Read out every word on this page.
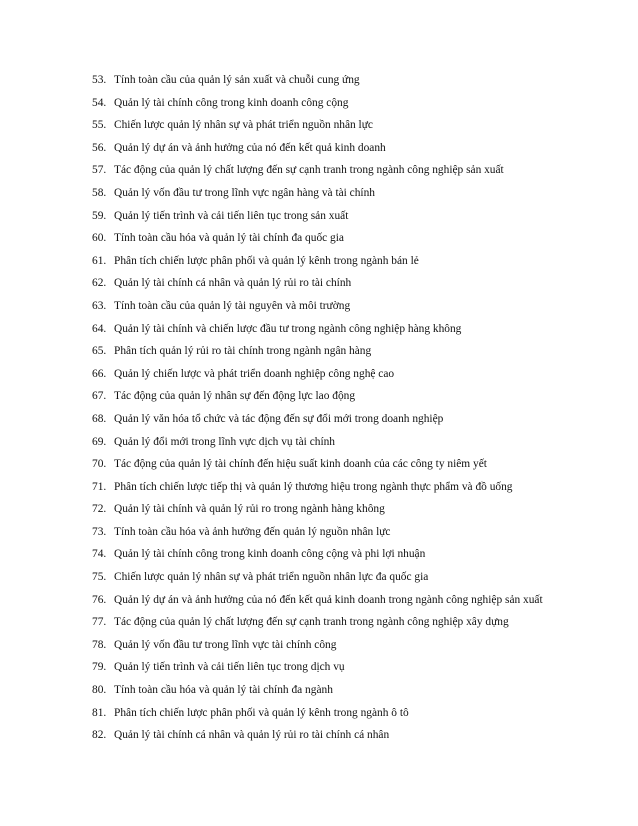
53. Tính toàn cầu của quản lý sản xuất và chuỗi cung ứng
54. Quản lý tài chính công trong kinh doanh công cộng
55. Chiến lược quản lý nhân sự và phát triển nguồn nhân lực
56. Quản lý dự án và ảnh hưởng của nó đến kết quả kinh doanh
57. Tác động của quản lý chất lượng đến sự cạnh tranh trong ngành công nghiệp sản xuất
58. Quản lý vốn đầu tư trong lĩnh vực ngân hàng và tài chính
59. Quản lý tiến trình và cải tiến liên tục trong sản xuất
60. Tính toàn cầu hóa và quản lý tài chính đa quốc gia
61. Phân tích chiến lược phân phối và quản lý kênh trong ngành bán lẻ
62. Quản lý tài chính cá nhân và quản lý rủi ro tài chính
63. Tính toàn cầu của quản lý tài nguyên và môi trường
64. Quản lý tài chính và chiến lược đầu tư trong ngành công nghiệp hàng không
65. Phân tích quản lý rủi ro tài chính trong ngành ngân hàng
66. Quản lý chiến lược và phát triển doanh nghiệp công nghệ cao
67. Tác động của quản lý nhân sự đến động lực lao động
68. Quản lý văn hóa tổ chức và tác động đến sự đổi mới trong doanh nghiệp
69. Quản lý đổi mới trong lĩnh vực dịch vụ tài chính
70. Tác động của quản lý tài chính đến hiệu suất kinh doanh của các công ty niêm yết
71. Phân tích chiến lược tiếp thị và quản lý thương hiệu trong ngành thực phẩm và đồ uống
72. Quản lý tài chính và quản lý rủi ro trong ngành hàng không
73. Tính toàn cầu hóa và ảnh hưởng đến quản lý nguồn nhân lực
74. Quản lý tài chính công trong kinh doanh công cộng và phi lợi nhuận
75. Chiến lược quản lý nhân sự và phát triển nguồn nhân lực đa quốc gia
76. Quản lý dự án và ảnh hưởng của nó đến kết quả kinh doanh trong ngành công nghiệp sản xuất
77. Tác động của quản lý chất lượng đến sự cạnh tranh trong ngành công nghiệp xây dựng
78. Quản lý vốn đầu tư trong lĩnh vực tài chính công
79. Quản lý tiến trình và cải tiến liên tục trong dịch vụ
80. Tính toàn cầu hóa và quản lý tài chính đa ngành
81. Phân tích chiến lược phân phối và quản lý kênh trong ngành ô tô
82. Quản lý tài chính cá nhân và quản lý rủi ro tài chính cá nhân
